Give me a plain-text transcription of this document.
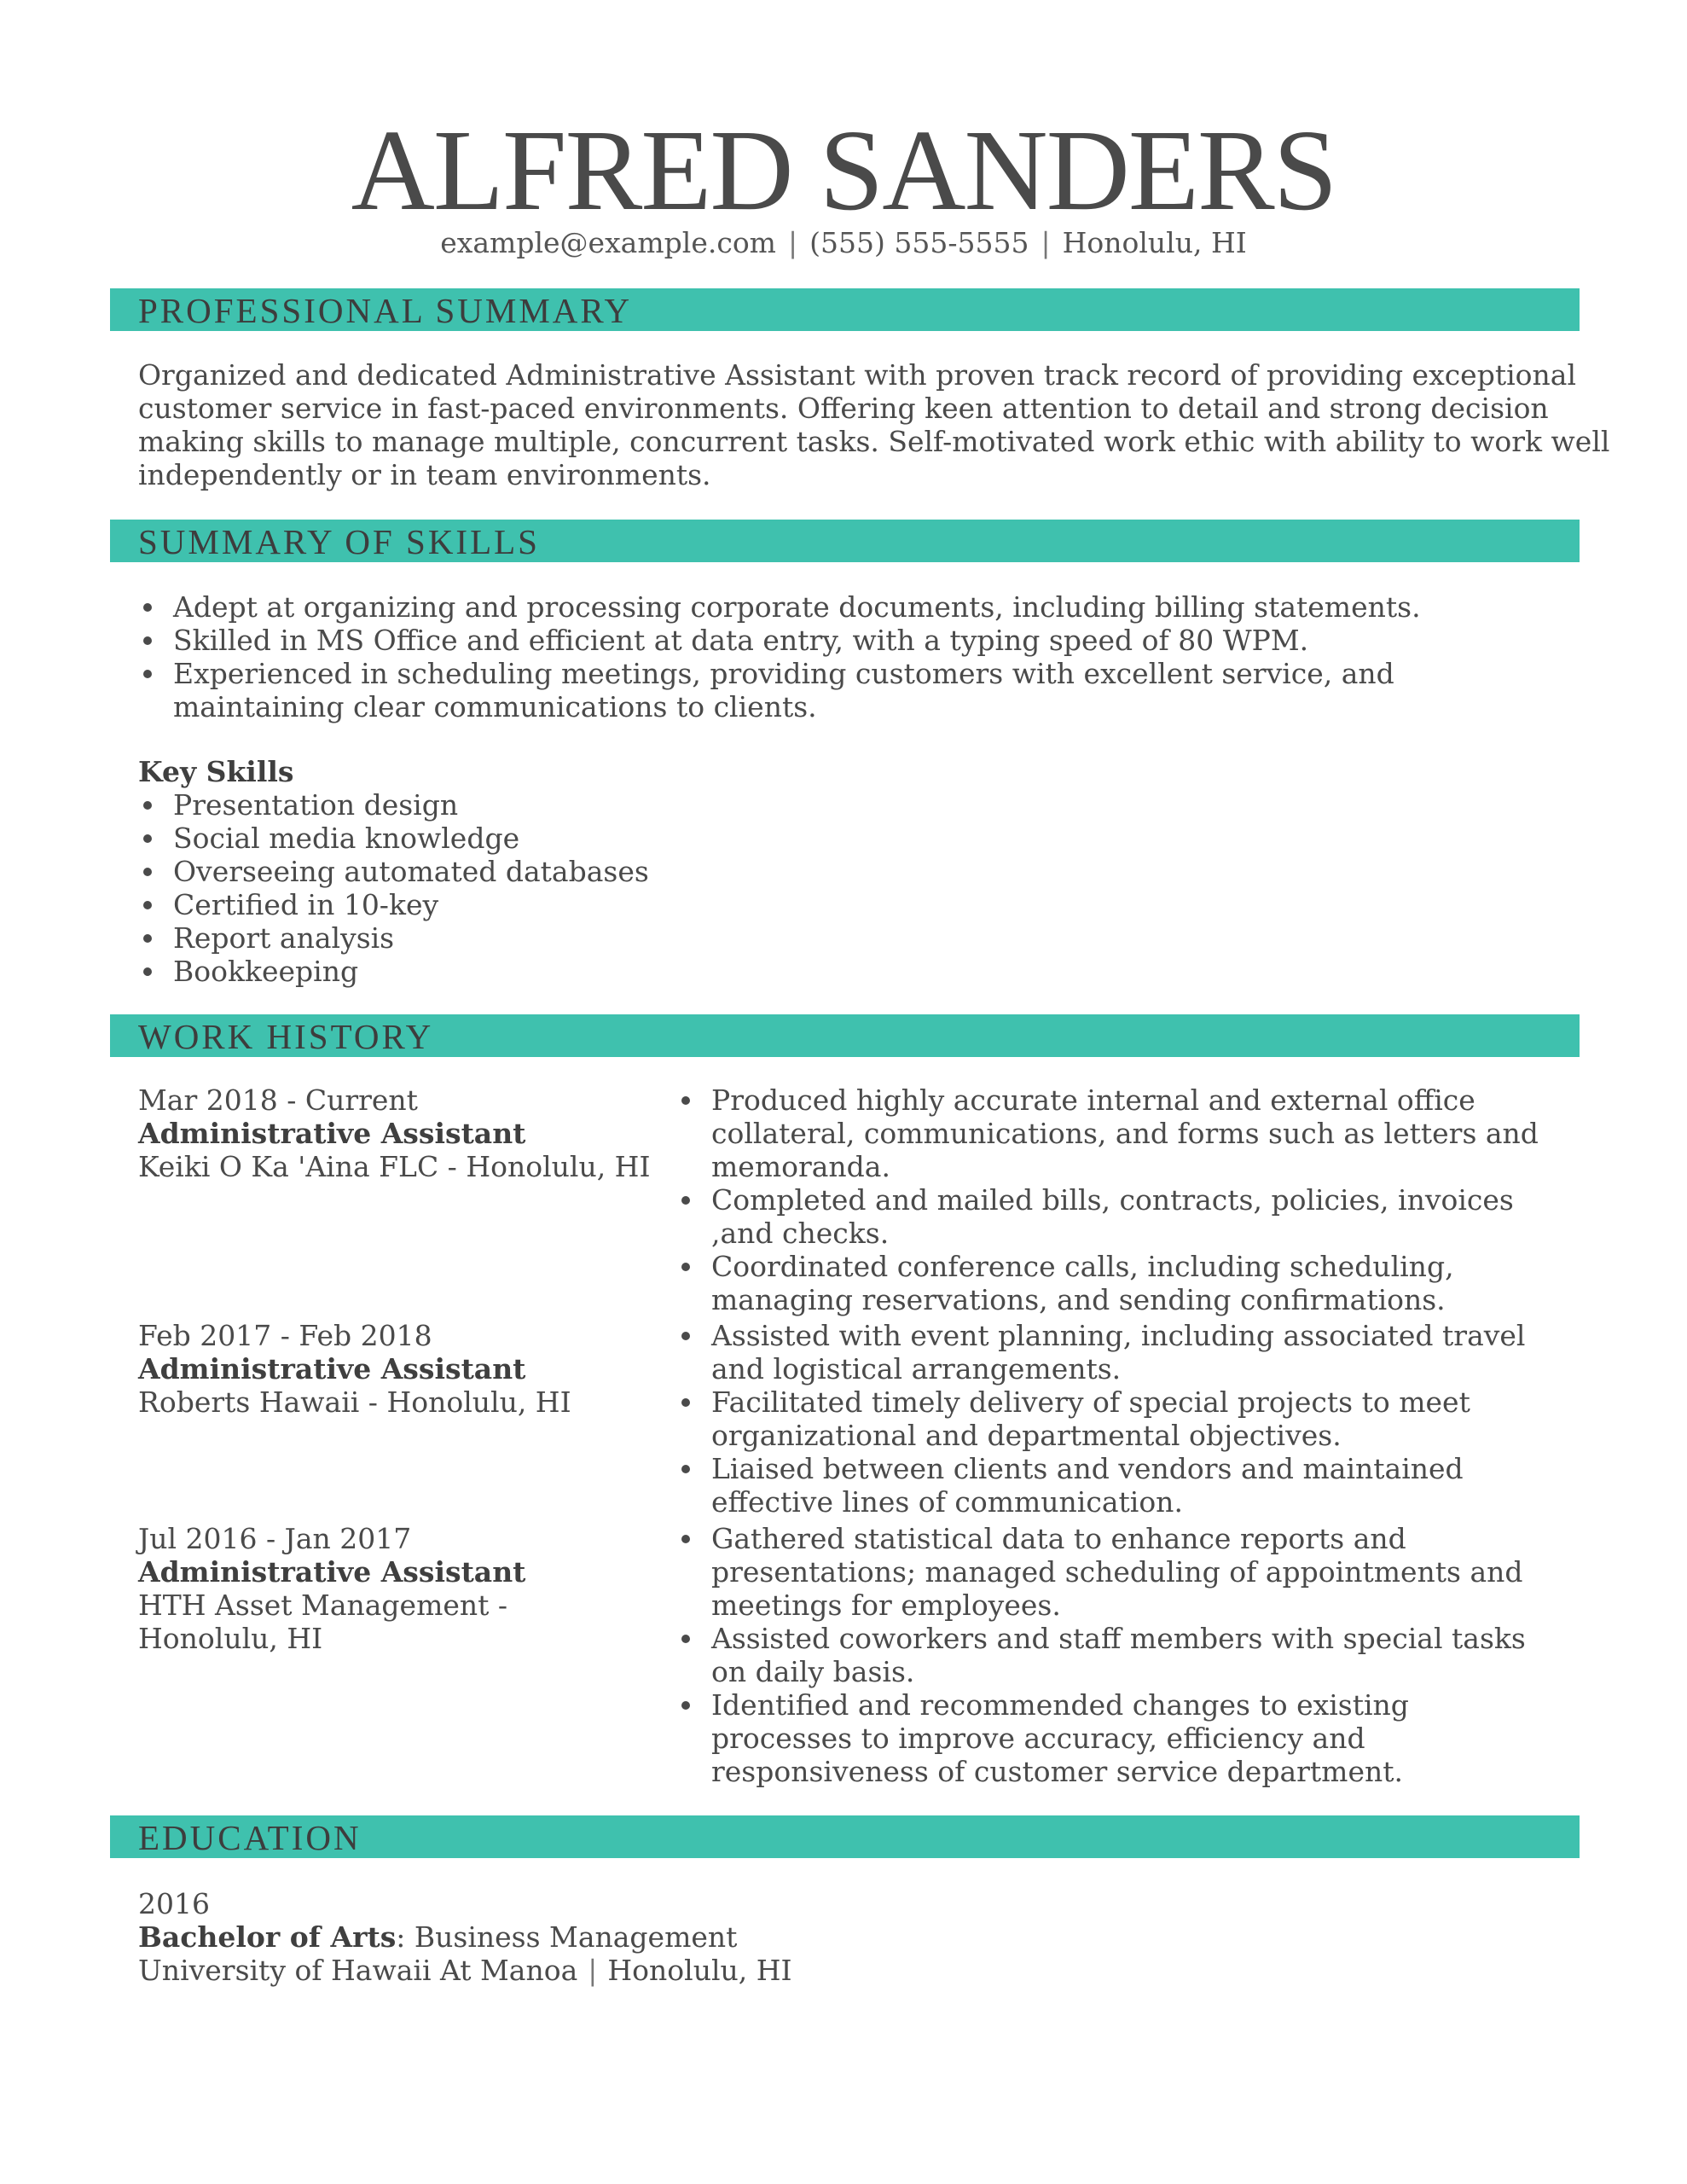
ALFRED SANDERS
example@example.com | (555) 555-5555 | Honolulu, HI
PROFESSIONAL SUMMARY
Organized and dedicated Administrative Assistant with proven track record of providing exceptional
customer service in fast-paced environments. Offering keen attention to detail and strong decision
making skills to manage multiple, concurrent tasks. Self-motivated work ethic with ability to work well
independently or in team environments.
SUMMARY OF SKILLS
Adept at organizing and processing corporate documents, including billing statements.
Skilled in MS Office and efficient at data entry, with a typing speed of 80 WPM.
Experienced in scheduling meetings, providing customers with excellent service, and maintaining clear communications to clients.
Key Skills
Presentation design
Social media knowledge
Overseeing automated databases
Certified in 10-key
Report analysis
Bookkeeping
WORK HISTORY
Mar 2018 - Current
Administrative Assistant
Keiki O Ka 'Aina FLC - Honolulu, HI
Feb 2017 - Feb 2018
Administrative Assistant
Roberts Hawaii - Honolulu, HI
Jul 2016 - Jan 2017
Administrative Assistant
HTH Asset Management - Honolulu, HI
Produced highly accurate internal and external office collateral, communications, and forms such as letters and memoranda.
Completed and mailed bills, contracts, policies, invoices ,and checks.
Coordinated conference calls, including scheduling, managing reservations, and sending confirmations.
Assisted with event planning, including associated travel and logistical arrangements.
Facilitated timely delivery of special projects to meet organizational and departmental objectives.
Liaised between clients and vendors and maintained effective lines of communication.
Gathered statistical data to enhance reports and presentations; managed scheduling of appointments and meetings for employees.
Assisted coworkers and staff members with special tasks on daily basis.
Identified and recommended changes to existing processes to improve accuracy, efficiency and responsiveness of customer service department.
EDUCATION
2016
Bachelor of Arts: Business Management
University of Hawaii At Manoa | Honolulu, HI
